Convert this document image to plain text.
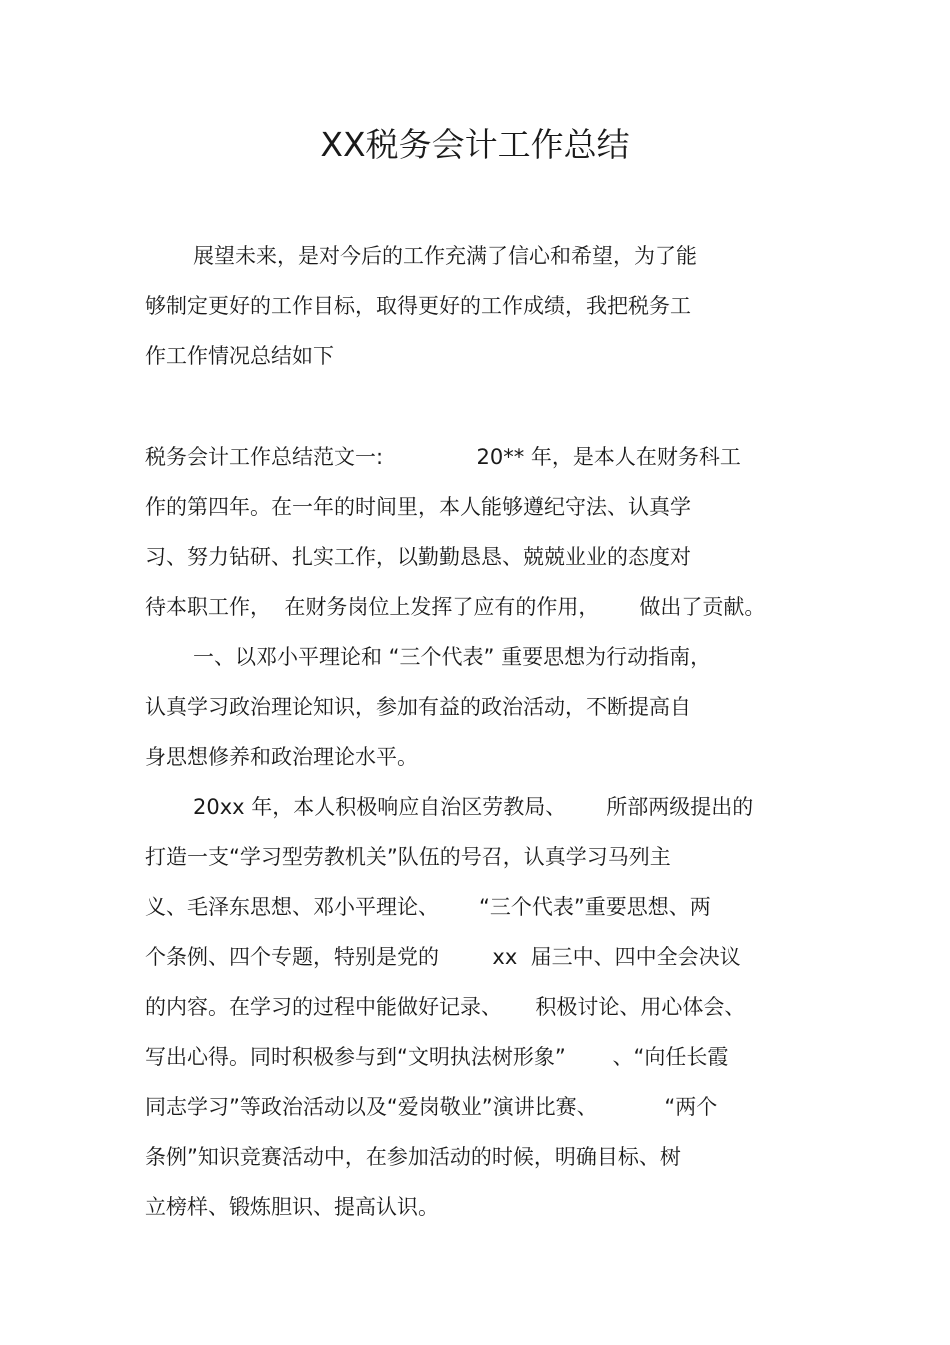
XX税务会计工作总结
展望未来，是对今后的工作充满了信心和希望，为了能
够制定更好的工作目标，取得更好的工作成绩，我把税务工
作工作情况总结如下
税务会计工作总结范文一:              20** 年，是本人在财务科工
作的第四年。在一年的时间里，本人能够遵纪守法、认真学
习、努力钻研、扎实工作，以勤勤恳恳、兢兢业业的态度对
待本职工作，  在财务岗位上发挥了应有的作用，      做出了贡献。
一、以邓小平理论和 “三个代表” 重要思想为行动指南，
认真学习政治理论知识，参加有益的政治活动，不断提高自
身思想修养和政治理论水平。
20xx 年，本人积极响应自治区劳教局、      所部两级提出的
打造一支“学习型劳教机关”队伍的号召，认真学习马列主
义、毛泽东思想、邓小平理论、      “三个代表”重要思想、两
个条例、四个专题，特别是党的        xx  届三中、四中全会决议
的内容。在学习的过程中能做好记录、     积极讨论、用心体会、
写出心得。同时积极参与到“文明执法树形象”       、“向任长霞
同志学习”等政治活动以及“爱岗敬业”演讲比赛、          “两个
条例”知识竞赛活动中，在参加活动的时候，明确目标、树
立榜样、锻炼胆识、提高认识。
